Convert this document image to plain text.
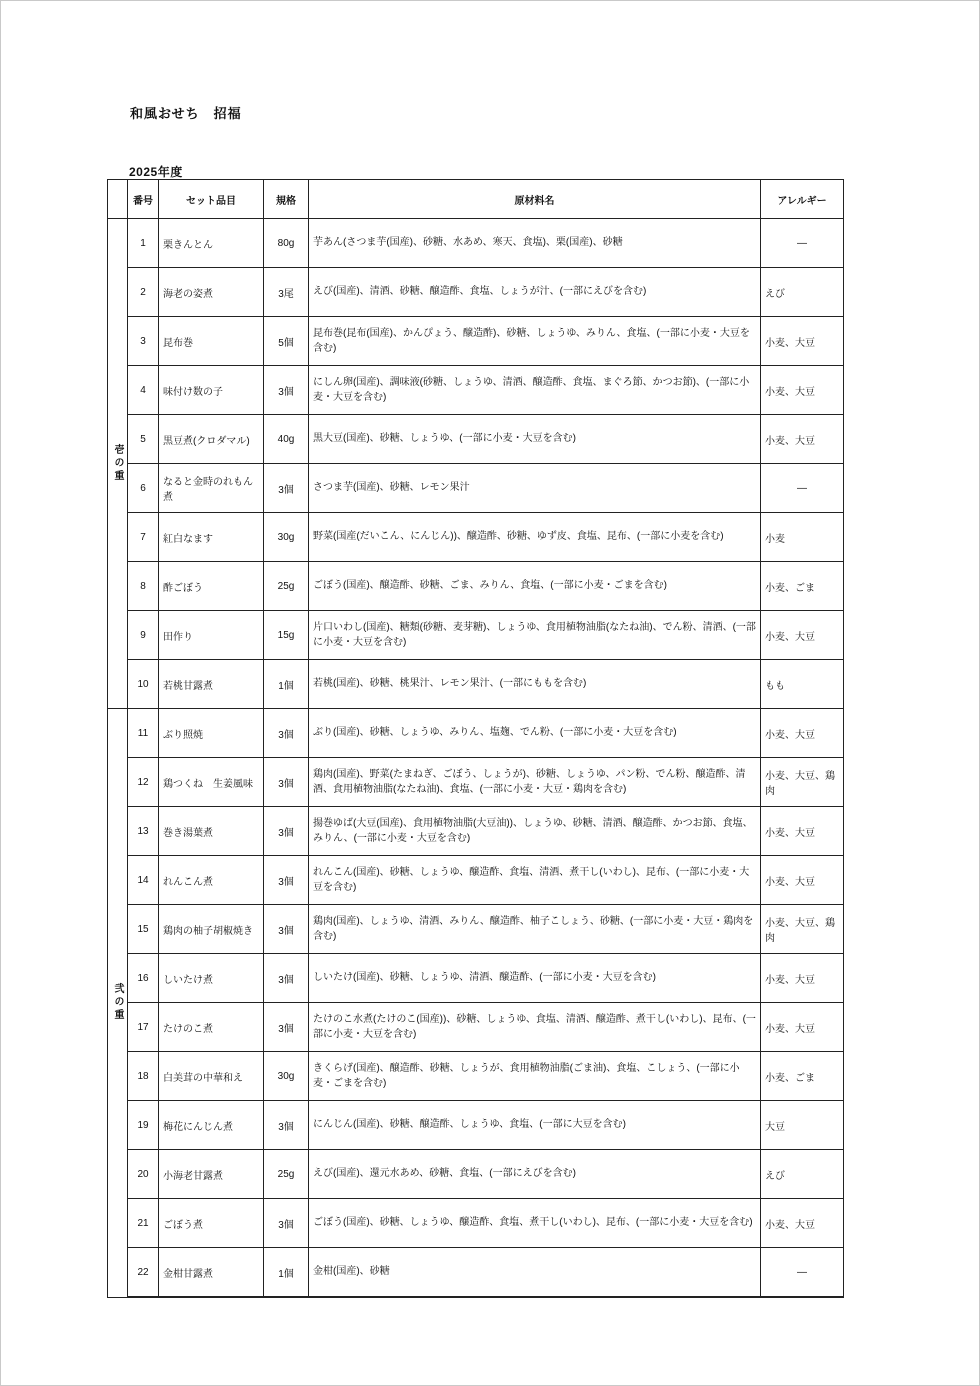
和風おせち　招福
2025年度
	番号	セット品目	規格	原材料名	アレルギー
壱の重	1	栗きんとん	80g	芋あん(さつま芋(国産)、砂糖、水あめ、寒天、食塩)、栗(国産)、砂糖	—
	2	海老の姿煮	3尾	えび(国産)、清酒、砂糖、醸造酢、食塩、しょうが汁、(一部にえびを含む)	えび
	3	昆布巻	5個	昆布巻(昆布(国産)、かんぴょう、醸造酢)、砂糖、しょうゆ、みりん、食塩、(一部に小麦・大豆を含む)	小麦、大豆
	4	味付け数の子	3個	にしん卵(国産)、調味液(砂糖、しょうゆ、清酒、醸造酢、食塩、まぐろ節、かつお節)、(一部に小麦・大豆を含む)	小麦、大豆
	5	黒豆煮(クロダマル)	40g	黒大豆(国産)、砂糖、しょうゆ、(一部に小麦・大豆を含む)	小麦、大豆
	6	なると金時のれもん煮	3個	さつま芋(国産)、砂糖、レモン果汁	—
	7	紅白なます	30g	野菜(国産(だいこん、にんじん))、醸造酢、砂糖、ゆず皮、食塩、昆布、(一部に小麦を含む)	小麦
	8	酢ごぼう	25g	ごぼう(国産)、醸造酢、砂糖、ごま、みりん、食塩、(一部に小麦・ごまを含む)	小麦、ごま
	9	田作り	15g	片口いわし(国産)、糖類(砂糖、麦芽糖)、しょうゆ、食用植物油脂(なたね油)、でん粉、清酒、(一部に小麦・大豆を含む)	小麦、大豆
	10	若桃甘露煮	1個	若桃(国産)、砂糖、桃果汁、レモン果汁、(一部にももを含む)	もも
弐の重	11	ぶり照焼	3個	ぶり(国産)、砂糖、しょうゆ、みりん、塩麹、でん粉、(一部に小麦・大豆を含む)	小麦、大豆
	12	鶏つくね　生姜風味	3個	鶏肉(国産)、野菜(たまねぎ、ごぼう、しょうが)、砂糖、しょうゆ、パン粉、でん粉、醸造酢、清酒、食用植物油脂(なたね油)、食塩、(一部に小麦・大豆・鶏肉を含む)	小麦、大豆、鶏肉
	13	巻き湯葉煮	3個	揚巻ゆば(大豆(国産)、食用植物油脂(大豆油))、しょうゆ、砂糖、清酒、醸造酢、かつお節、食塩、みりん、(一部に小麦・大豆を含む)	小麦、大豆
	14	れんこん煮	3個	れんこん(国産)、砂糖、しょうゆ、醸造酢、食塩、清酒、煮干し(いわし)、昆布、(一部に小麦・大豆を含む)	小麦、大豆
	15	鶏肉の柚子胡椒焼き	3個	鶏肉(国産)、しょうゆ、清酒、みりん、醸造酢、柚子こしょう、砂糖、(一部に小麦・大豆・鶏肉を含む)	小麦、大豆、鶏肉
	16	しいたけ煮	3個	しいたけ(国産)、砂糖、しょうゆ、清酒、醸造酢、(一部に小麦・大豆を含む)	小麦、大豆
	17	たけのこ煮	3個	たけのこ水煮(たけのこ(国産))、砂糖、しょうゆ、食塩、清酒、醸造酢、煮干し(いわし)、昆布、(一部に小麦・大豆を含む)	小麦、大豆
	18	白美茸の中華和え	30g	きくらげ(国産)、醸造酢、砂糖、しょうが、食用植物油脂(ごま油)、食塩、こしょう、(一部に小麦・ごまを含む)	小麦、ごま
	19	梅花にんじん煮	3個	にんじん(国産)、砂糖、醸造酢、しょうゆ、食塩、(一部に大豆を含む)	大豆
	20	小海老甘露煮	25g	えび(国産)、還元水あめ、砂糖、食塩、(一部にえびを含む)	えび
	21	ごぼう煮	3個	ごぼう(国産)、砂糖、しょうゆ、醸造酢、食塩、煮干し(いわし)、昆布、(一部に小麦・大豆を含む)	小麦、大豆
	22	金柑甘露煮	1個	金柑(国産)、砂糖	—
